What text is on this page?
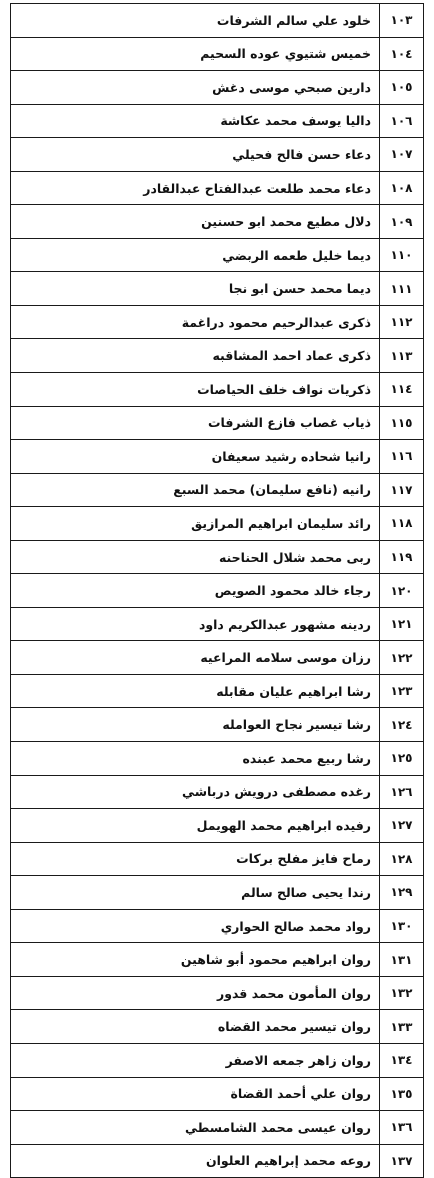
١٠٣	خلود علي سالم الشرفات
١٠٤	خميس شتيوي عوده السحيم
١٠٥	دارين صبحي موسى دغش
١٠٦	داليا يوسف محمد عكاشة
١٠٧	دعاء حسن فالح فحيلي
١٠٨	دعاء محمد طلعت عبدالفتاح عبدالقادر
١٠٩	دلال مطيع محمد ابو حسنين
١١٠	ديما خليل طعمه الربضي
١١١	ديما محمد حسن ابو نجا
١١٢	ذكرى عبدالرحيم محمود دراغمة
١١٣	ذكرى عماد احمد المشاقبه
١١٤	ذكريات نواف خلف الحياصات
١١٥	ذياب غصاب فازع الشرفات
١١٦	رانيا شحاده رشيد سعيفان
١١٧	رانيه (نافع سليمان) محمد السبع
١١٨	رائد سليمان ابراهيم المرازيق
١١٩	ربى محمد شلال الحناحنه
١٢٠	رجاء خالد محمود الصويص
١٢١	ردينه مشهور عبدالكريم داود
١٢٢	رزان موسى سلامه المراعيه
١٢٣	رشا ابراهيم عليان مقابله
١٢٤	رشا تيسير نجاح العوامله
١٢٥	رشا ربيع محمد عبنده
١٢٦	رغده مصطفى درويش درباشي
١٢٧	رفيده ابراهيم محمد الهويمل
١٢٨	رماح فايز مفلح بركات
١٢٩	رندا يحيى صالح سالم
١٣٠	رواد محمد صالح الحواري
١٣١	روان ابراهيم محمود أبو شاهين
١٣٢	روان المأمون محمد قدور
١٣٣	روان تيسير محمد القضاه
١٣٤	روان زاهر جمعه الاصفر
١٣٥	روان علي أحمد القضاة
١٣٦	روان عيسى محمد الشامسطي
١٣٧	روعه محمد إبراهيم العلوان
